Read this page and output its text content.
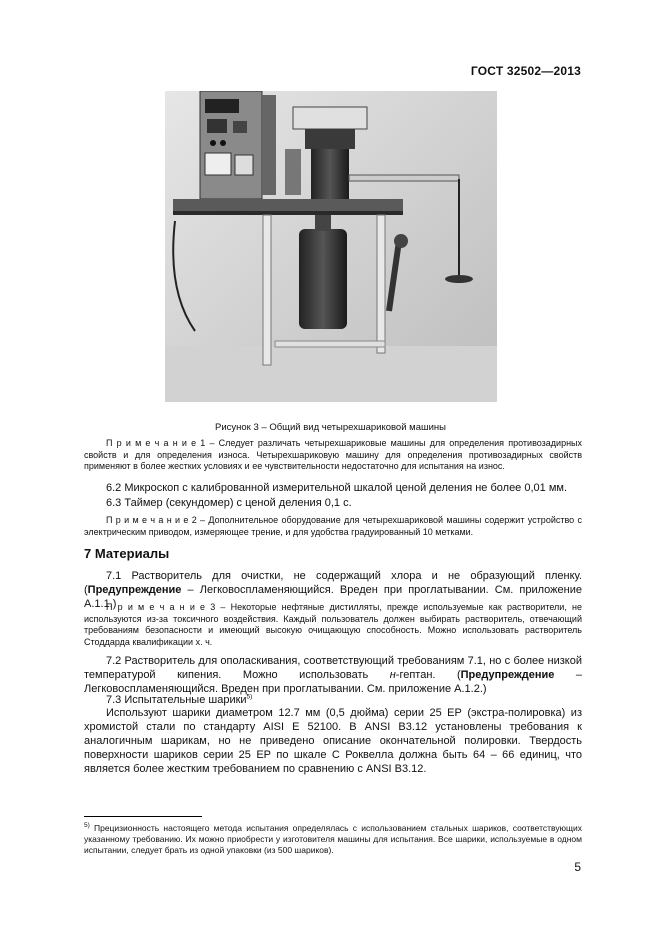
ГОСТ 32502—2013
Рисунок 3 – Общий вид четырехшариковой машины
П р и м е ч а н и е 1 – Следует различать четырехшариковые машины для определения противозадирных свойств и для определения износа. Четырехшариковую машину для определения противозадирных свойств применяют в более жестких условиях и ее чувствительности недостаточно для испытания на износ.
6.2 Микроскоп с калиброванной измерительной шкалой ценой деления не более 0,01 мм.
6.3 Таймер (секундомер) с ценой деления 0,1 с.
П р и м е ч а н и е 2 – Дополнительное оборудование для четырехшариковой машины содержит устройство с электрическим приводом, измеряющее трение, и для удобства градуированный 10 метками.
7 Материалы
7.1 Растворитель для очистки, не содержащий хлора и не образующий пленку. (Предупреждение – Легковоспламеняющийся. Вреден при проглатывании. См. приложение А.1.1.)
П р и м е ч а н и е 3 – Некоторые нефтяные дистилляты, прежде используемые как растворители, не используются из-за токсичного воздействия. Каждый пользователь должен выбирать растворитель, отвечающий требованиям безопасности и имеющий высокую очищающую способность. Можно использовать растворитель Стоддарда квалификации х. ч.
7.2 Растворитель для ополаскивания, соответствующий требованиям 7.1, но с более низкой температурой кипения. Можно использовать н-гептан. (Предупреждение – Легковоспламеняющийся. Вреден при проглатывании. См. приложение А.1.2.)
7.3 Испытательные шарики$^{5)}$
Используют шарики диаметром 12.7 мм (0,5 дюйма) серии 25 ЕР (экстра-полировка) из хромистой стали по стандарту AISI E 52100. В ANSI B3.12 установлены требования к аналогичным шарикам, но не приведено описание окончательной полировки. Твердость поверхности шариков серии 25 ЕР по шкале С Роквелла должна быть 64 – 66 единиц, что является более жестким требованием по сравнению с ANSI B3.12.
$^{5)}$ Прецизионность настоящего метода испытания определялась с использованием стальных шариков, соответствующих указанному требованию. Их можно приобрести у изготовителя машины для испытания. Все шарики, используемые в одном испытании, следует брать из одной упаковки (из 500 шариков).
5
